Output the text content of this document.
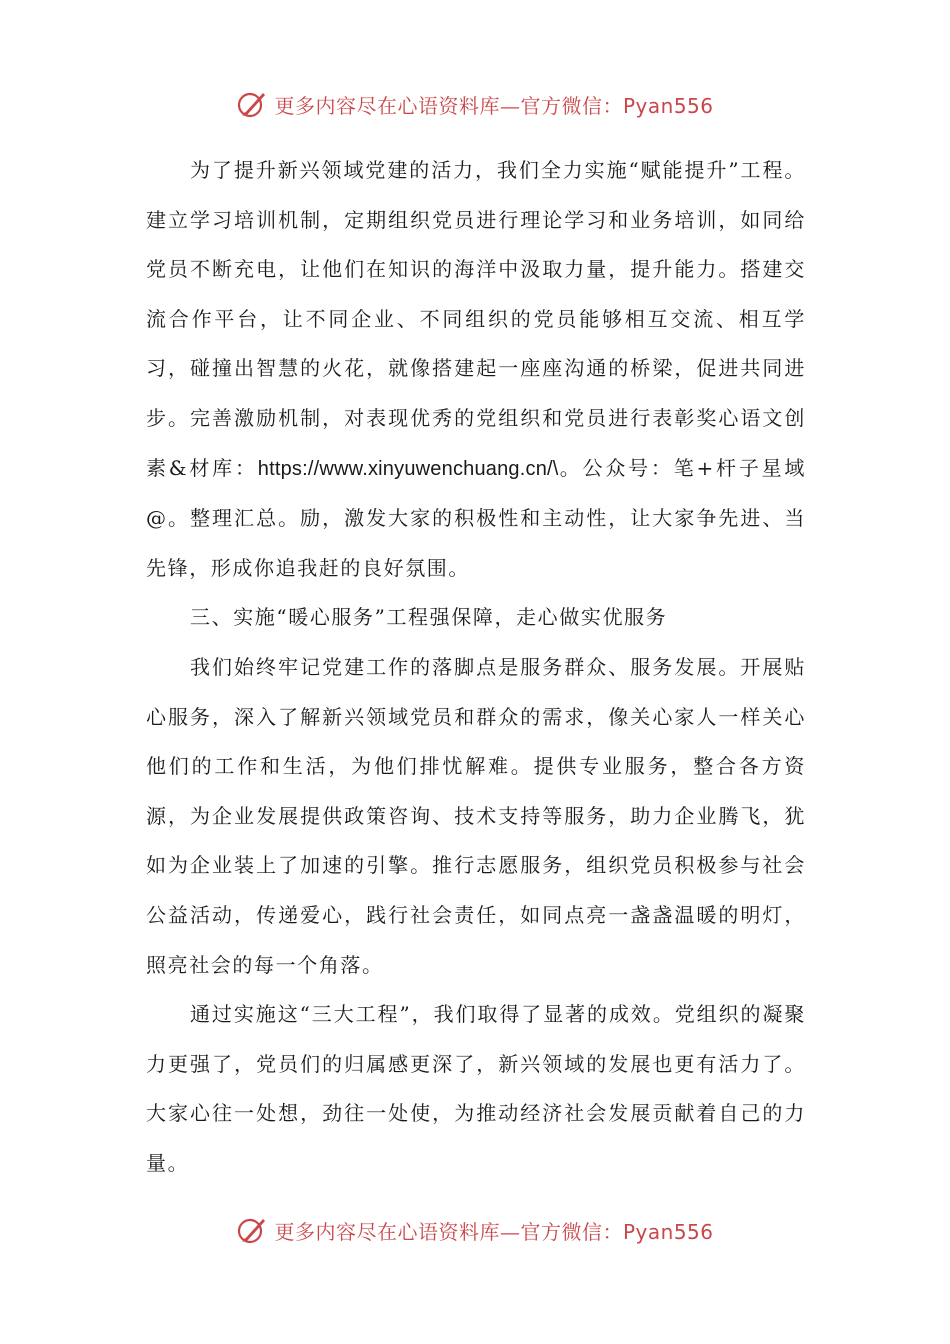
更多内容尽在心语资料库—官方微信：Pyan556

为了提升新兴领域党建的活力，我们全力实施“赋能提升”工程。建立学习培训机制，定期组织党员进行理论学习和业务培训，如同给党员不断充电，让他们在知识的海洋中汲取力量，提升能力。搭建交流合作平台，让不同企业、不同组织的党员能够相互交流、相互学习，碰撞出智慧的火花，就像搭建起一座座沟通的桥梁，促进共同进步。完善激励机制，对表现优秀的党组织和党员进行表彰奖心语文创素&材库：https://www.xinyuwenchuang.cn/\。公众号：笔+杆子星域@。整理汇总。励，激发大家的积极性和主动性，让大家争先进、当先锋，形成你追我赶的良好氛围。

三、实施“暖心服务”工程强保障，走心做实优服务

我们始终牢记党建工作的落脚点是服务群众、服务发展。开展贴心服务，深入了解新兴领域党员和群众的需求，像关心家人一样关心他们的工作和生活，为他们排忧解难。提供专业服务，整合各方资源，为企业发展提供政策咨询、技术支持等服务，助力企业腾飞，犹如为企业装上了加速的引擎。推行志愿服务，组织党员积极参与社会公益活动，传递爱心，践行社会责任，如同点亮一盏盏温暖的明灯，照亮社会的每一个角落。

通过实施这“三大工程”，我们取得了显著的成效。党组织的凝聚力更强了，党员们的归属感更深了，新兴领域的发展也更有活力了。大家心往一处想，劲往一处使，为推动经济社会发展贡献着自己的力量。

更多内容尽在心语资料库—官方微信：Pyan556
